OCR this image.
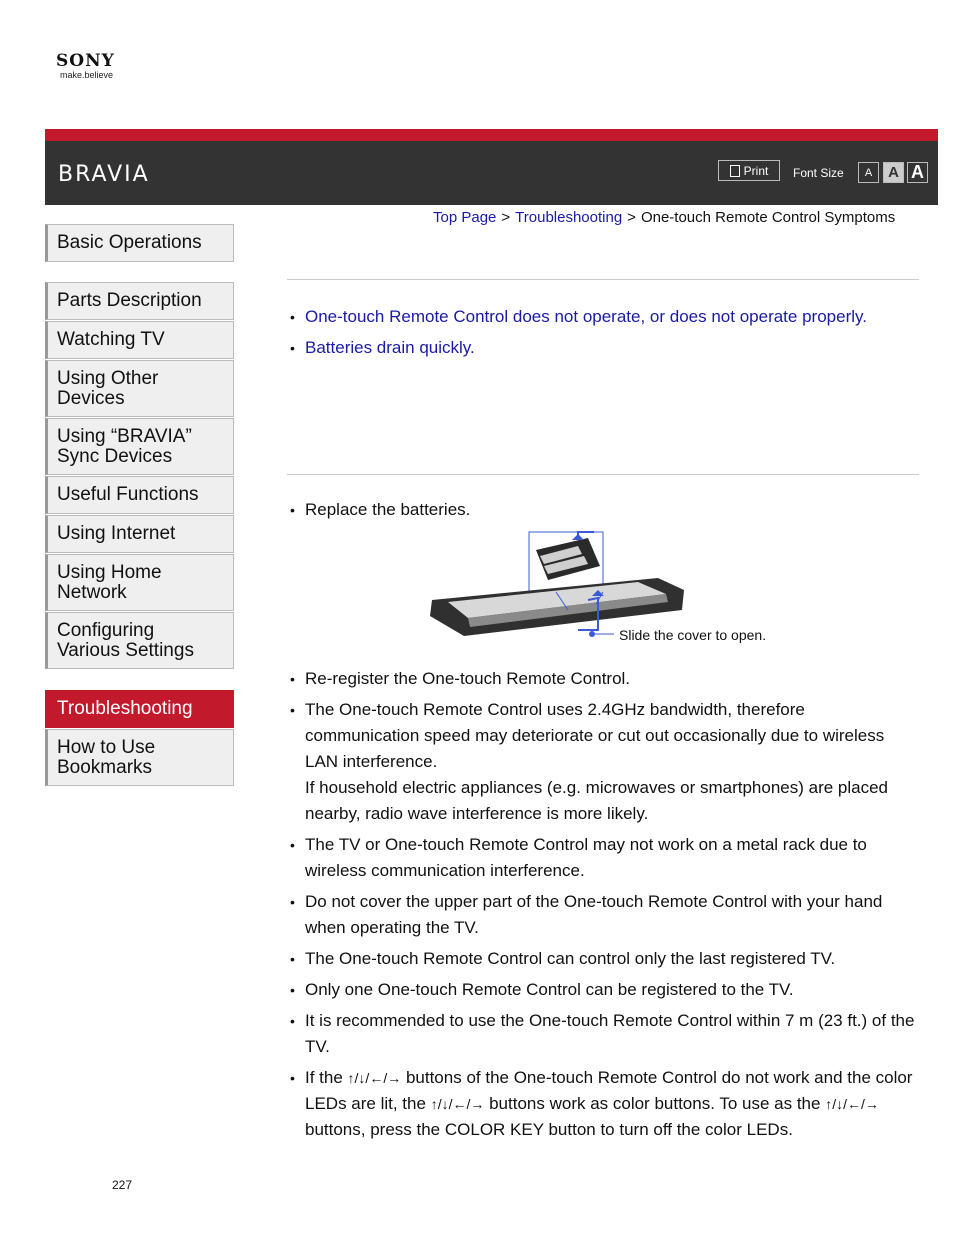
SONY
make.believe
BRAVIA	Print Font Size	A	A A
Top Page > Troubleshooting > One-touch Remote Control Symptoms
Basic Operations
Parts Description
Watching TV
Using Other Devices
Using “BRAVIA” Sync Devices
Useful Functions
Using Internet
Using Home Network
Configuring Various Settings
Troubleshooting
How to Use Bookmarks
• One-touch Remote Control does not operate, or does not operate properly.
• Batteries drain quickly.
• Replace the batteries.
Slide the cover to open.
• Re-register the One-touch Remote Control.
• The One-touch Remote Control uses 2.4GHz bandwidth, therefore communication speed may deteriorate or cut out occasionally due to wireless LAN interference.
If household electric appliances (e.g. microwaves or smartphones) are placed nearby, radio wave interference is more likely.
• The TV or One-touch Remote Control may not work on a metal rack due to wireless communication interference.
• Do not cover the upper part of the One-touch Remote Control with your hand when operating the TV.
• The One-touch Remote Control can control only the last registered TV.
• Only one One-touch Remote Control can be registered to the TV.
• It is recommended to use the One-touch Remote Control within 7 m (23 ft.) of the TV.
• If the ↑/↓/←/→ buttons of the One-touch Remote Control do not work and the color LEDs are lit, the ↑/↓/←/→ buttons work as color buttons. To use as the ↑/↓/←/→ buttons, press the COLOR KEY button to turn off the color LEDs.
227
